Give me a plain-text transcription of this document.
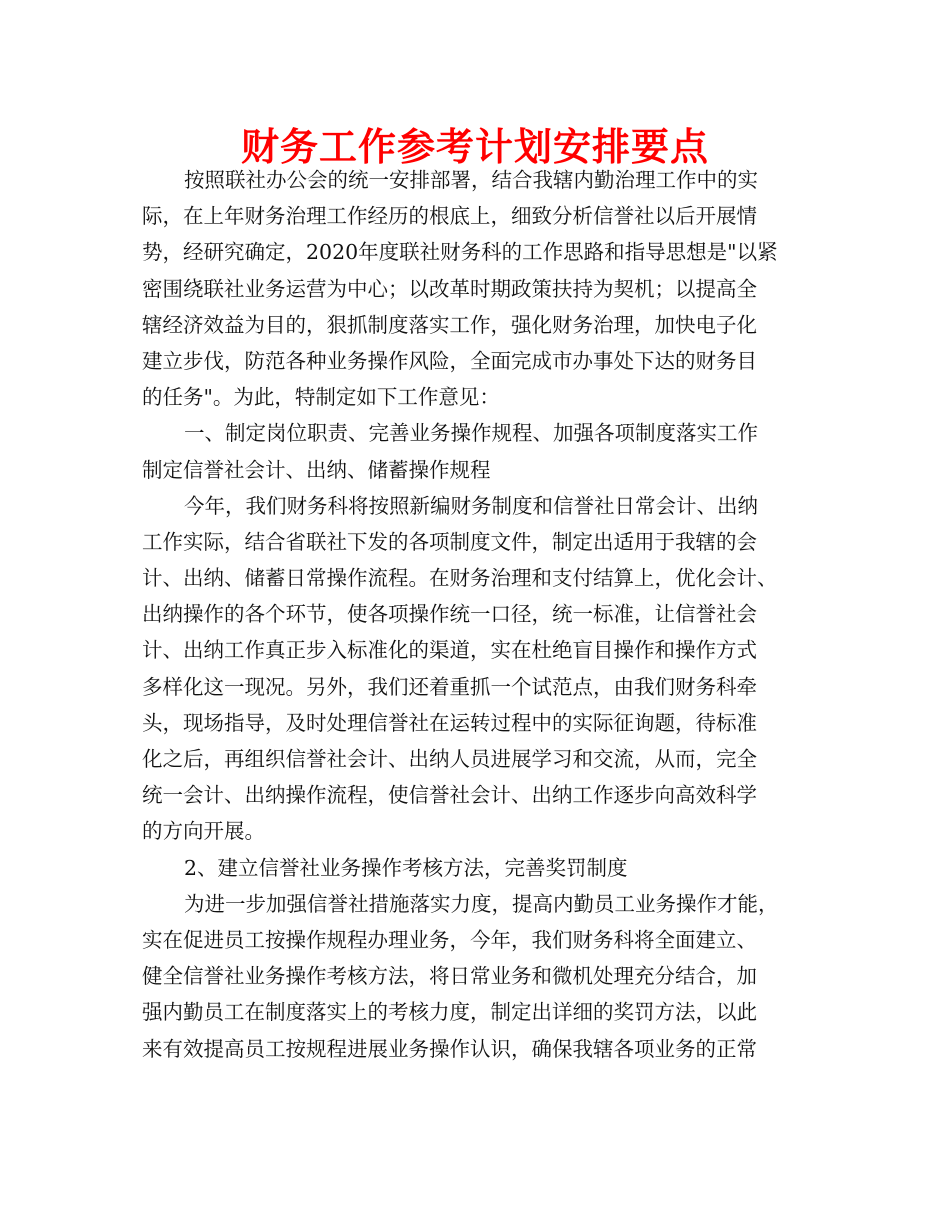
财务工作参考计划安排要点
按照联社办公会的统一安排部署，结合我辖内勤治理工作中的实
际，在上年财务治理工作经历的根底上，细致分析信誉社以后开展情
势，经研究确定，2020年度联社财务科的工作思路和指导思想是"以紧
密围绕联社业务运营为中心；以改革时期政策扶持为契机；以提高全
辖经济效益为目的，狠抓制度落实工作，强化财务治理，加快电子化
建立步伐，防范各种业务操作风险，全面完成市办事处下达的财务目
的任务"。为此，特制定如下工作意见：
一、制定岗位职责、完善业务操作规程、加强各项制度落实工作
制定信誉社会计、出纳、储蓄操作规程
今年，我们财务科将按照新编财务制度和信誉社日常会计、出纳
工作实际，结合省联社下发的各项制度文件，制定出适用于我辖的会
计、出纳、储蓄日常操作流程。在财务治理和支付结算上，优化会计、
出纳操作的各个环节，使各项操作统一口径，统一标准，让信誉社会
计、出纳工作真正步入标准化的渠道，实在杜绝盲目操作和操作方式
多样化这一现况。另外，我们还着重抓一个试范点，由我们财务科牵
头，现场指导，及时处理信誉社在运转过程中的实际征询题，待标准
化之后，再组织信誉社会计、出纳人员进展学习和交流，从而，完全
统一会计、出纳操作流程，使信誉社会计、出纳工作逐步向高效科学
的方向开展。
2、建立信誉社业务操作考核方法，完善奖罚制度
为进一步加强信誉社措施落实力度，提高内勤员工业务操作才能，
实在促进员工按操作规程办理业务，今年，我们财务科将全面建立、
健全信誉社业务操作考核方法，将日常业务和微机处理充分结合，加
强内勤员工在制度落实上的考核力度，制定出详细的奖罚方法，以此
来有效提高员工按规程进展业务操作认识，确保我辖各项业务的正常
